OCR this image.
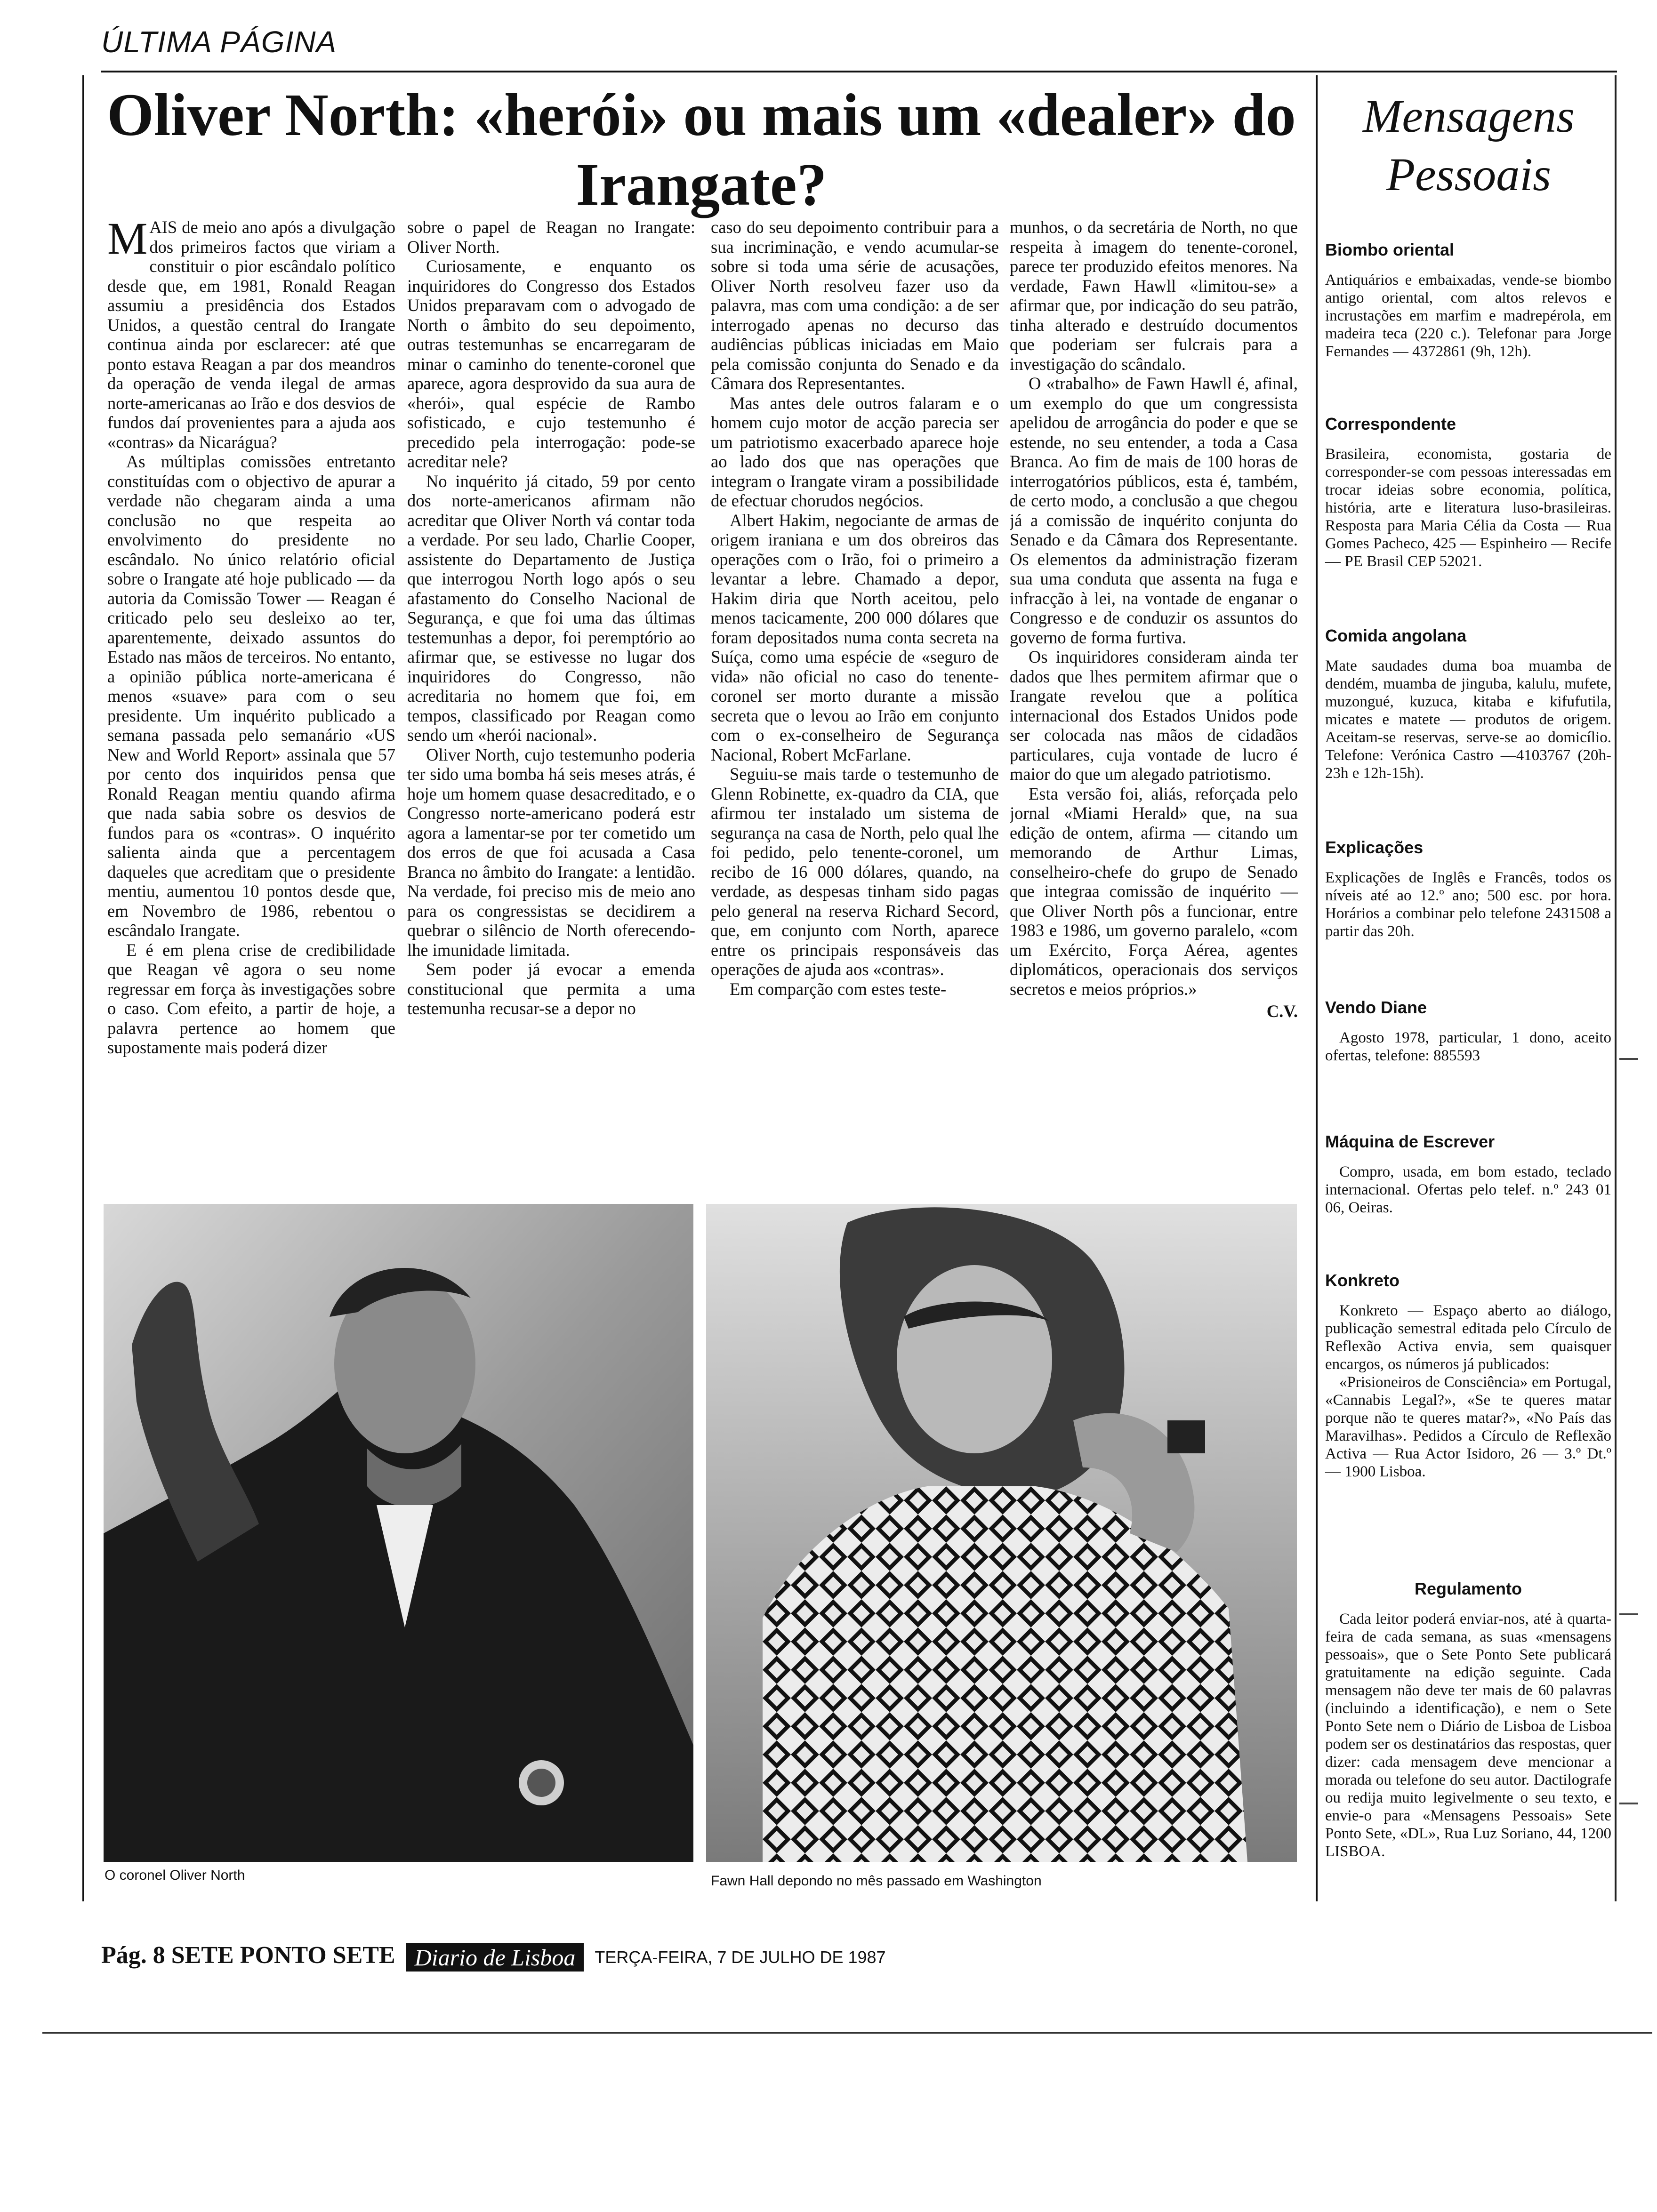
ÚLTIMA PÁGINA
Oliver North: «herói» ou mais um «dealer» do Irangate?

MAIS de meio ano após a divulgação dos primeiros factos que viriam a constituir o pior escândalo político desde que, em 1981, Ronald Reagan assumiu a presidência dos Estados Unidos, a questão central do Irangate continua ainda por esclarecer: até que ponto estava Reagan a par dos meandros da operação de venda ilegal de armas norte-americanas ao Irão e dos desvios de fundos daí provenientes para a ajuda aos «contras» da Nicarágua?

As múltiplas comissões entretanto constituídas com o objectivo de apurar a verdade não chegaram ainda a uma conclusão no que respeita ao envolvimento do presidente no escândalo. No único relatório oficial sobre o Irangate até hoje publicado — da autoria da Comissão Tower — Reagan é criticado pelo seu desleixo ao ter, aparentemente, deixado assuntos do Estado nas mãos de terceiros. No entanto, a opinião pública norte-americana é menos «suave» para com o seu presidente. Um inquérito publicado a semana passada pelo semanário «US New and World Report» assinala que 57 por cento dos inquiridos pensa que Ronald Reagan mentiu quando afirma que nada sabia sobre os desvios de fundos para os «contras». O inquérito salienta ainda que a percentagem daqueles que acreditam que o presidente mentiu, aumentou 10 pontos desde que, em Novembro de 1986, rebentou o escândalo Irangate.

E é em plena crise de credibilidade que Reagan vê agora o seu nome regressar em força às investigações sobre o caso. Com efeito, a partir de hoje, a palavra pertence ao homem que supostamente mais poderá dizer

sobre o papel de Reagan no Irangate: Oliver North.

Curiosamente, e enquanto os inquiridores do Congresso dos Estados Unidos preparavam com o advogado de North o âmbito do seu depoimento, outras testemunhas se encarregaram de minar o caminho do tenente-coronel que aparece, agora desprovido da sua aura de «herói», qual espécie de Rambo sofisticado, e cujo testemunho é precedido pela interrogação: pode-se acreditar nele?

No inquérito já citado, 59 por cento dos norte-americanos afirmam não acreditar que Oliver North vá contar toda a verdade. Por seu lado, Charlie Cooper, assistente do Departamento de Justiça que interrogou North logo após o seu afastamento do Conselho Nacional de Segurança, e que foi uma das últimas testemunhas a depor, foi peremptório ao afirmar que, se estivesse no lugar dos inquiridores do Congresso, não acreditaria no homem que foi, em tempos, classificado por Reagan como sendo um «herói nacional».

Oliver North, cujo testemunho poderia ter sido uma bomba há seis meses atrás, é hoje um homem quase desacreditado, e o Congresso norte-americano poderá estr agora a lamentar-se por ter cometido um dos erros de que foi acusada a Casa Branca no âmbito do Irangate: a lentidão. Na verdade, foi preciso mis de meio ano para os congressistas se decidirem a quebrar o silêncio de North oferecendo-lhe imunidade limitada.

Sem poder já evocar a emenda constitucional que permita a uma testemunha recusar-se a depor no

caso do seu depoimento contribuir para a sua incriminação, e vendo acumular-se sobre si toda uma série de acusações, Oliver North resolveu fazer uso da palavra, mas com uma condição: a de ser interrogado apenas no decurso das audiências públicas iniciadas em Maio pela comissão conjunta do Senado e da Câmara dos Representantes.

Mas antes dele outros falaram e o homem cujo motor de acção parecia ser um patriotismo exacerbado aparece hoje ao lado dos que nas operações que integram o Irangate viram a possibilidade de efectuar chorudos negócios.

Albert Hakim, negociante de armas de origem iraniana e um dos obreiros das operações com o Irão, foi o primeiro a levantar a lebre. Chamado a depor, Hakim diria que North aceitou, pelo menos tacicamente, 200 000 dólares que foram depositados numa conta secreta na Suíça, como uma espécie de «seguro de vida» não oficial no caso do tenente-coronel ser morto durante a missão secreta que o levou ao Irão em conjunto com o ex-conselheiro de Segurança Nacional, Robert McFarlane.

Seguiu-se mais tarde o testemunho de Glenn Robinette, ex-quadro da CIA, que afirmou ter instalado um sistema de segurança na casa de North, pelo qual lhe foi pedido, pelo tenente-coronel, um recibo de 16 000 dólares, quando, na verdade, as despesas tinham sido pagas pelo general na reserva Richard Secord, que, em conjunto com North, aparece entre os principais responsáveis das operações de ajuda aos «contras».

Em comparção com estes teste-

munhos, o da secretária de North, no que respeita à imagem do tenente-coronel, parece ter produzido efeitos menores. Na verdade, Fawn Hawll «limitou-se» a afirmar que, por indicação do seu patrão, tinha alterado e destruído documentos que poderiam ser fulcrais para a investigação do scândalo.

O «trabalho» de Fawn Hawll é, afinal, um exemplo do que um congressista apelidou de arrogância do poder e que se estende, no seu entender, a toda a Casa Branca. Ao fim de mais de 100 horas de interrogatórios públicos, esta é, também, de certo modo, a conclusão a que chegou já a comissão de inquérito conjunta do Senado e da Câmara dos Representante. Os elementos da administração fizeram sua uma conduta que assenta na fuga e infracção à lei, na vontade de enganar o Congresso e de conduzir os assuntos do governo de forma furtiva.

Os inquiridores consideram ainda ter dados que lhes permitem afirmar que o Irangate revelou que a política internacional dos Estados Unidos pode ser colocada nas mãos de cidadãos particulares, cuja vontade de lucro é maior do que um alegado patriotismo.

Esta versão foi, aliás, reforçada pelo jornal «Miami Herald» que, na sua edição de ontem, afirma — citando um memorando de Arthur Limas, conselheiro-chefe do grupo de Senado que integraa comissão de inquérito — que Oliver North pôs a funcionar, entre 1983 e 1986, um governo paralelo, «com um Exército, Força Aérea, agentes diplomáticos, operacionais dos serviços secretos e meios próprios.»

C.V.

O coronel Oliver North	Fawn Hall depondo no mês passado em Washington
Pág. 8 SETE PONTO SETE Diario de Lisboa TERÇA-FEIRA, 7 DE JULHO DE 1987
Mensagens Pessoais
Biombo oriental

Antiquários e embaixadas, vende-se biombo antigo oriental, com altos relevos e incrustações em marfim e madrepérola, em madeira teca (220 c.). Telefonar para Jorge Fernandes — 4372861 (9h, 12h).

Correspondente

Brasileira, economista, gostaria de corresponder-se com pessoas interessadas em trocar ideias sobre economia, política, história, arte e literatura luso-brasileiras. Resposta para Maria Célia da Costa — Rua Gomes Pacheco, 425 — Espinheiro — Recife — PE Brasil CEP 52021.

Comida angolana

Mate saudades duma boa muamba de dendém, muamba de jinguba, kalulu, mufete, muzongué, kuzuca, kitaba e kifufutila, micates e matete — produtos de origem. Aceitam-se reservas, serve-se ao domicílio. Telefone: Verónica Castro —4103767 (20h-23h e 12h-15h).

Explicações

Explicações de Inglês e Francês, todos os níveis até ao 12.º ano; 500 esc. por hora. Horários a combinar pelo telefone 2431508 a partir das 20h.

Vendo Diane

Agosto 1978, particular, 1 dono, aceito ofertas, telefone: 885593

Máquina de Escrever

Compro, usada, em bom estado, teclado internacional. Ofertas pelo telef. n.º 243 01 06, Oeiras.

Konkreto

Konkreto — Espaço aberto ao diálogo, publicação semestral editada pelo Círculo de Reflexão Activa envia, sem quaisquer encargos, os números já publicados:

«Prisioneiros de Consciência» em Portugal, «Cannabis Legal?», «Se te queres matar porque não te queres matar?», «No País das Maravilhas». Pedidos a Círculo de Reflexão Activa — Rua Actor Isidoro, 26 — 3.º Dt.º — 1900 Lisboa.

Regulamento

Cada leitor poderá enviar-nos, até à quarta-feira de cada semana, as suas «mensagens pessoais», que o Sete Ponto Sete publicará gratuitamente na edição seguinte. Cada mensagem não deve ter mais de 60 palavras (incluindo a identificação), e nem o Sete Ponto Sete nem o Diário de Lisboa de Lisboa podem ser os destinatários das respostas, quer dizer: cada mensagem deve mencionar a morada ou telefone do seu autor. Dactilografe ou redija muito legivelmente o seu texto, e envie-o para «Mensagens Pessoais» Sete Ponto Sete, «DL», Rua Luz Soriano, 44, 1200 LISBOA.
